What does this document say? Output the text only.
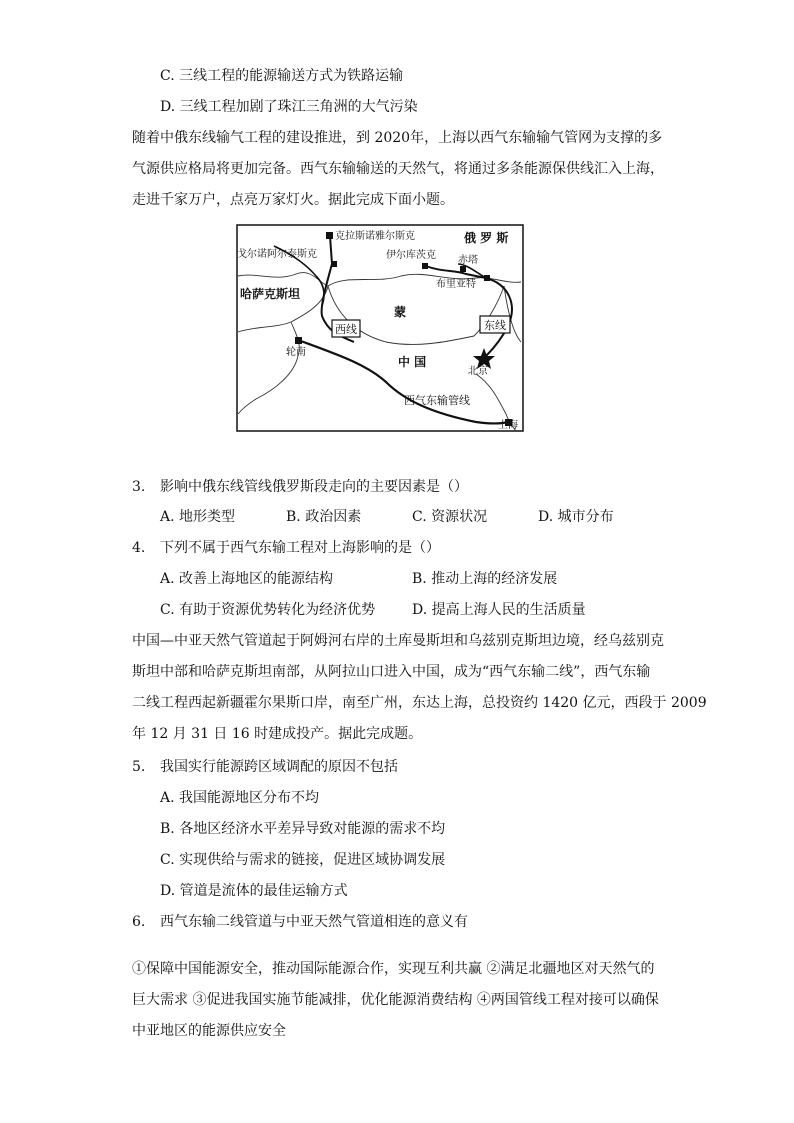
C. 三线工程的能源输送方式为铁路运输
D. 三线工程加剧了珠江三角洲的大气污染
随着中俄东线输气工程的建设推进，到 2020年，上海以西气东输输气管网为支撑的多
气源供应格局将更加完备。西气东输输送的天然气，将通过多条能源保供线汇入上海，
走进千家万户，点亮万家灯火。据此完成下面小题。
克拉斯诺雅尔斯克
戈尔诺阿尔泰斯克
俄 罗 斯
伊尔库茨克 赤塔
布里亚特
哈萨克斯坦
蒙
西线	东线
轮南
中 国
北京
西气东输管线
上海
3. 影响中俄东线管线俄罗斯段走向的主要因素是（）
A. 地形类型	B. 政治因素	C. 资源状况	D. 城市分布
4. 下列不属于西气东输工程对上海影响的是（）
A. 改善上海地区的能源结构	B. 推动上海的经济发展
C. 有助于资源优势转化为经济优势	D. 提高上海人民的生活质量
中国—中亚天然气管道起于阿姆河右岸的土库曼斯坦和乌兹别克斯坦边境，经乌兹别克
斯坦中部和哈萨克斯坦南部，从阿拉山口进入中国，成为“西气东输二线”，西气东输
二线工程西起新疆霍尔果斯口岸，南至广州，东达上海，总投资约 1420 亿元，西段于 2009
年 12 月 31 日 16 时建成投产。据此完成题。
5. 我国实行能源跨区域调配的原因不包括
A. 我国能源地区分布不均
B. 各地区经济水平差异导致对能源的需求不均
C. 实现供给与需求的链接，促进区域协调发展
D. 管道是流体的最佳运输方式
6. 西气东输二线管道与中亚天然气管道相连的意义有
①保障中国能源安全，推动国际能源合作，实现互利共赢 ②满足北疆地区对天然气的
巨大需求 ③促进我国实施节能减排，优化能源消费结构 ④两国管线工程对接可以确保
中亚地区的能源供应安全
